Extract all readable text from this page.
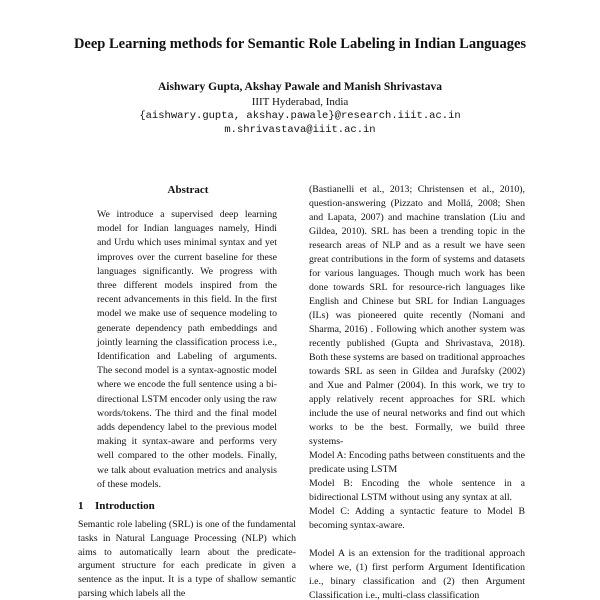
Deep Learning methods for Semantic Role Labeling in Indian Languages
Aishwary Gupta, Akshay Pawale and Manish Shrivastava
IIIT Hyderabad, India
{aishwary.gupta, akshay.pawale}@research.iiit.ac.in
m.shrivastava@iiit.ac.in
Abstract
We introduce a supervised deep learning model for Indian languages namely, Hindi and Urdu which uses minimal syntax and yet improves over the current baseline for these languages significantly. We progress with three different models inspired from the recent advancements in this field. In the first model we make use of sequence modeling to generate dependency path embeddings and jointly learning the classification process i.e., Identification and Labeling of arguments. The second model is a syntax-agnostic model where we encode the full sentence using a bi-directional LSTM encoder only using the raw words/tokens. The third and the final model adds dependency label to the previous model making it syntax-aware and performs very well compared to the other models. Finally, we talk about evaluation metrics and analysis of these models.
1 Introduction
Semantic role labeling (SRL) is one of the fundamental tasks in Natural Language Processing (NLP) which aims to automatically learn about the predicate-argument structure for each predicate in given a sentence as the input. It is a type of shallow semantic parsing which labels all the

(Bastianelli et al., 2013; Christensen et al., 2010), question-answering (Pizzato and Mollá, 2008; Shen and Lapata, 2007) and machine translation (Liu and Gildea, 2010). SRL has been a trending topic in the research areas of NLP and as a result we have seen great contributions in the form of systems and datasets for various languages. Though much work has been done towards SRL for resource-rich languages like English and Chinese but SRL for Indian Languages (ILs) was pioneered quite recently (Nomani and Sharma, 2016) . Following which another system was recently published (Gupta and Shrivastava, 2018). Both these systems are based on traditional approaches towards SRL as seen in Gildea and Jurafsky (2002) and Xue and Palmer (2004). In this work, we try to apply relatively recent approaches for SRL which include the use of neural networks and find out which works to be the best. Formally, we build three systems-

Model A: Encoding paths between constituents and the predicate using LSTM

Model B: Encoding the whole sentence in a bidirectional LSTM without using any syntax at all.

Model C: Adding a syntactic feature to Model B becoming syntax-aware.

Model A is an extension for the traditional approach where we, (1) first perform Argument Identification i.e., binary classification and (2) then Argument Classification i.e., multi-class classification
